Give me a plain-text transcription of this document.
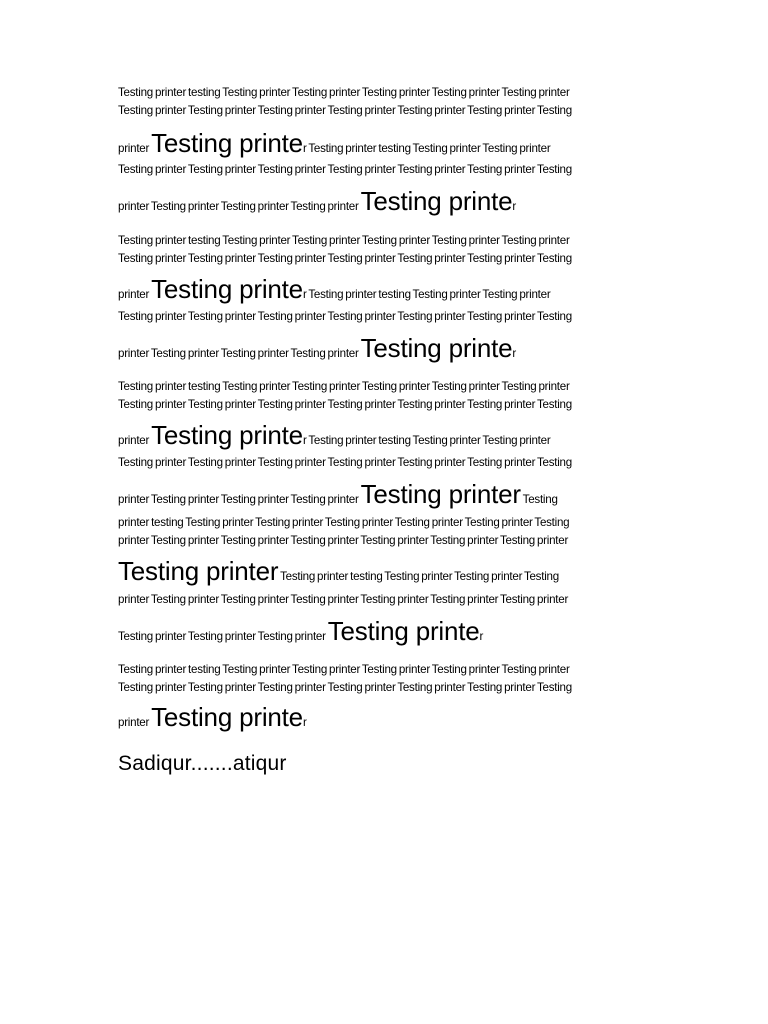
Testing printer testing Testing printer Testing printer Testing printer Testing printer Testing printer
Testing printer Testing printer Testing printer Testing printer Testing printer Testing printer Testing
printer Testing printer Testing printer testing Testing printer Testing printer
Testing printer Testing printer Testing printer Testing printer Testing printer Testing printer Testing
printer Testing printer Testing printer Testing printer Testing printer
Testing printer testing Testing printer Testing printer Testing printer Testing printer Testing printer
Testing printer Testing printer Testing printer Testing printer Testing printer Testing printer Testing
printer Testing printer Testing printer testing Testing printer Testing printer
Testing printer Testing printer Testing printer Testing printer Testing printer Testing printer Testing
printer Testing printer Testing printer Testing printer Testing printer
Testing printer testing Testing printer Testing printer Testing printer Testing printer Testing printer
Testing printer Testing printer Testing printer Testing printer Testing printer Testing printer Testing
printer Testing printer Testing printer testing Testing printer Testing printer
Testing printer Testing printer Testing printer Testing printer Testing printer Testing printer Testing
printer Testing printer Testing printer Testing printer Testing printer Testing
printer testing Testing printer Testing printer Testing printer Testing printer Testing printer Testing
printer Testing printer Testing printer Testing printer Testing printer Testing printer Testing printer
Testing printer Testing printer testing Testing printer Testing printer Testing
printer Testing printer Testing printer Testing printer Testing printer Testing printer Testing printer
Testing printer Testing printer Testing printer Testing printer
Testing printer testing Testing printer Testing printer Testing printer Testing printer Testing printer
Testing printer Testing printer Testing printer Testing printer Testing printer Testing printer Testing
printer Testing printer
Sadiqur.......atiqur
